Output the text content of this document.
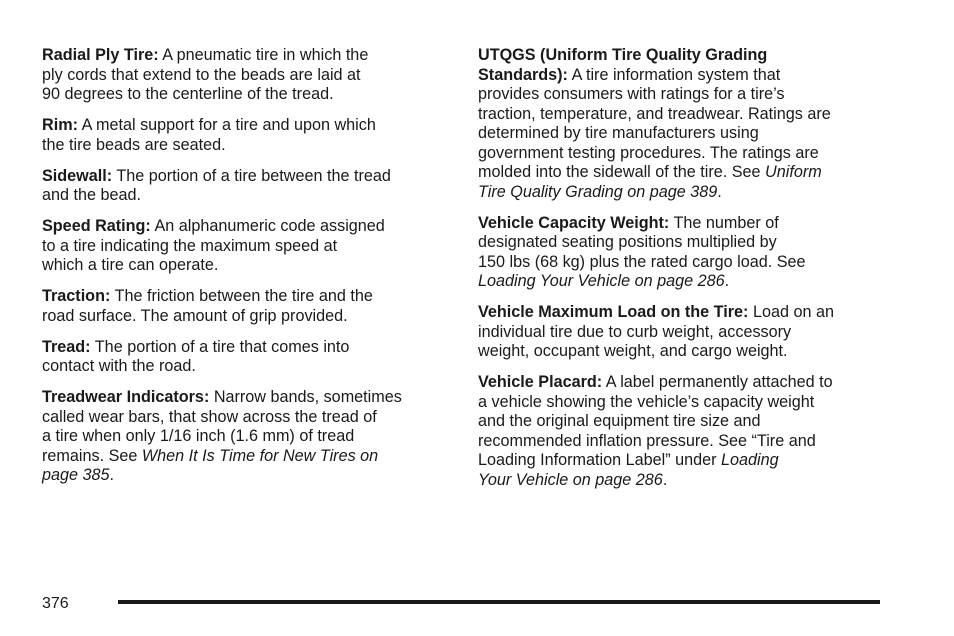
Radial Ply Tire: A pneumatic tire in which the
ply cords that extend to the beads are laid at
90 degrees to the centerline of the tread.

Rim: A metal support for a tire and upon which
the tire beads are seated.

Sidewall: The portion of a tire between the tread
and the bead.

Speed Rating: An alphanumeric code assigned
to a tire indicating the maximum speed at
which a tire can operate.

Traction: The friction between the tire and the
road surface. The amount of grip provided.

Tread: The portion of a tire that comes into
contact with the road.

Treadwear Indicators: Narrow bands, sometimes
called wear bars, that show across the tread of
a tire when only 1/16 inch (1.6 mm) of tread
remains. See When It Is Time for New Tires on
page 385.

UTQGS (Uniform Tire Quality Grading
Standards): A tire information system that
provides consumers with ratings for a tire’s
traction, temperature, and treadwear. Ratings are
determined by tire manufacturers using
government testing procedures. The ratings are
molded into the sidewall of the tire. See Uniform
Tire Quality Grading on page 389.

Vehicle Capacity Weight: The number of
designated seating positions multiplied by
150 lbs (68 kg) plus the rated cargo load. See
Loading Your Vehicle on page 286.

Vehicle Maximum Load on the Tire: Load on an
individual tire due to curb weight, accessory
weight, occupant weight, and cargo weight.

Vehicle Placard: A label permanently attached to
a vehicle showing the vehicle’s capacity weight
and the original equipment tire size and
recommended inflation pressure. See “Tire and
Loading Information Label” under Loading
Your Vehicle on page 286.

376
